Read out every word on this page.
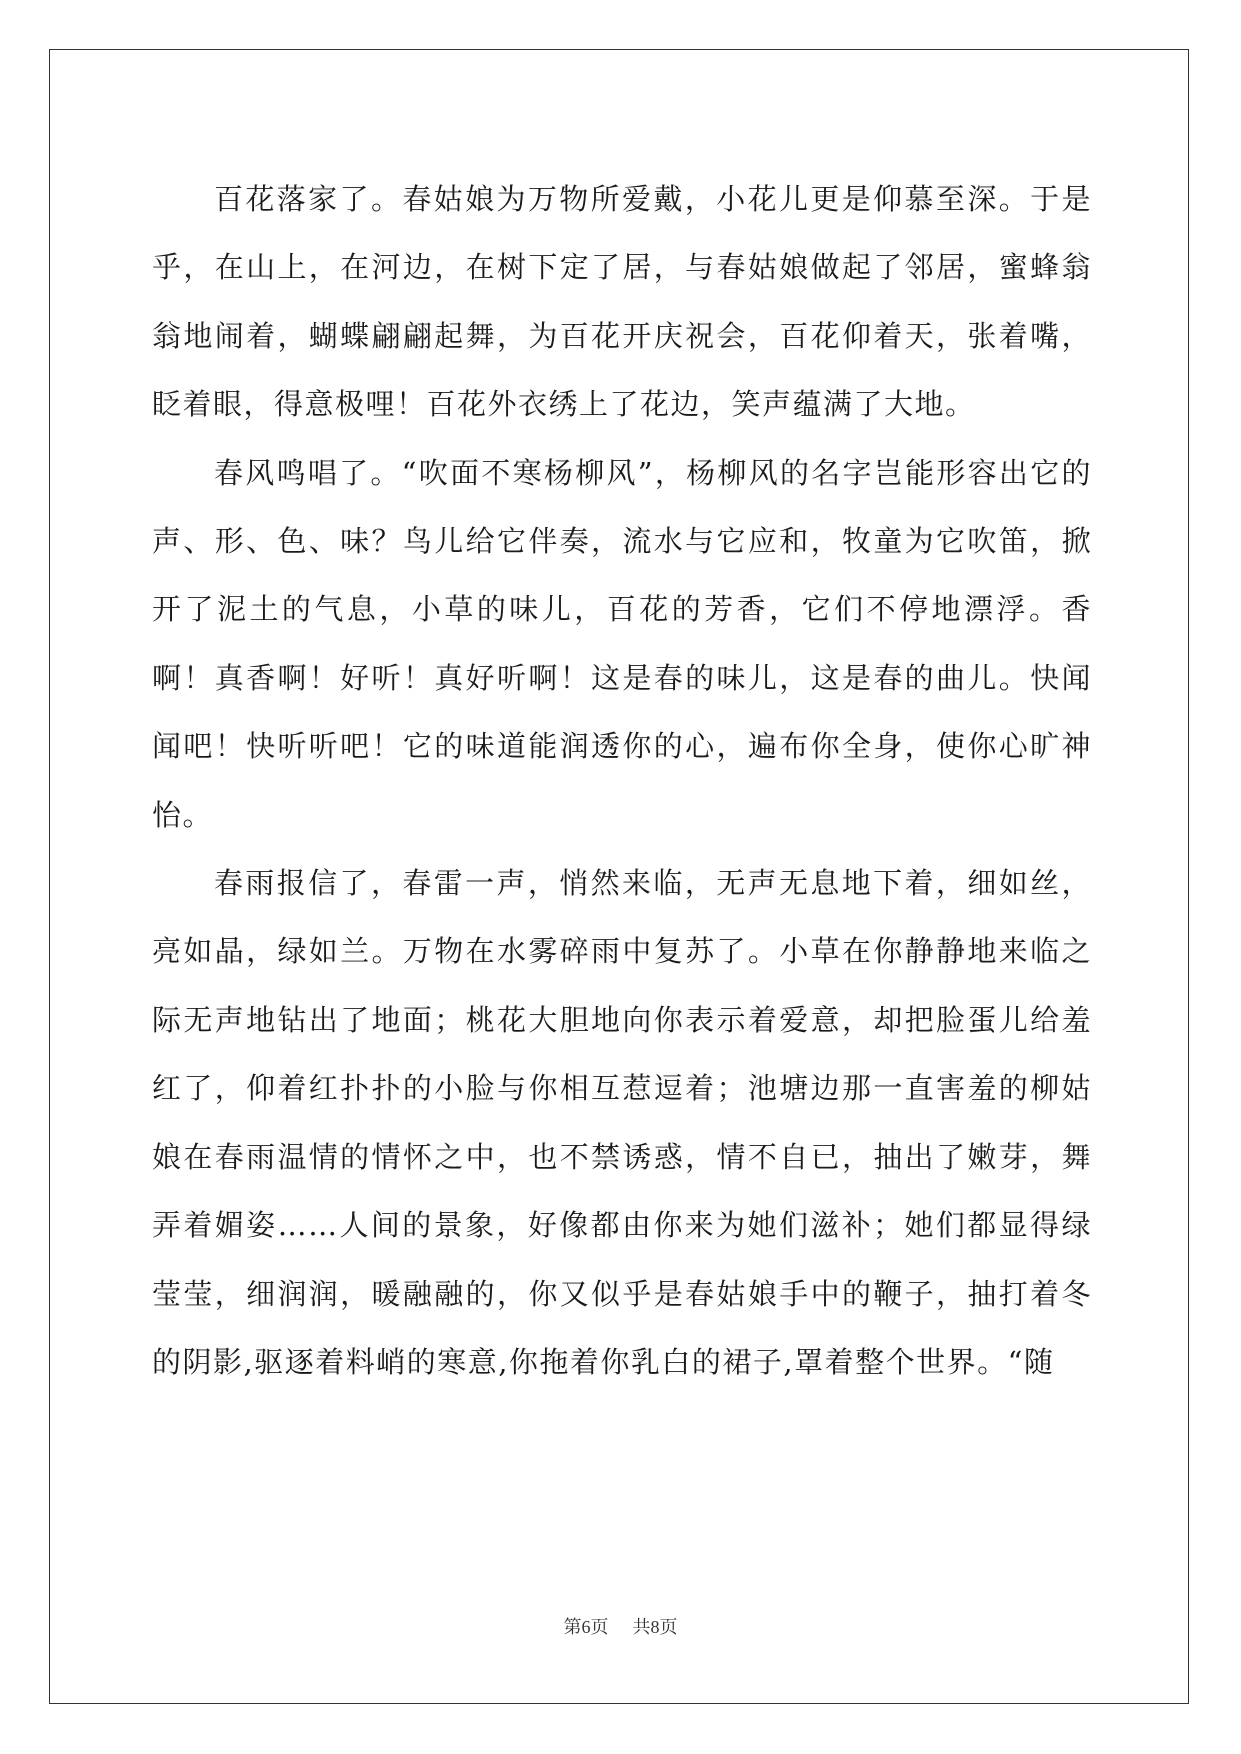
百花落家了。春姑娘为万物所爱戴，小花儿更是仰慕至深。于是乎，在山上，在河边，在树下定了居，与春姑娘做起了邻居，蜜蜂翁翁地闹着，蝴蝶翩翩起舞，为百花开庆祝会，百花仰着天，张着嘴，眨着眼，得意极哩！百花外衣绣上了花边，笑声蕴满了大地。

春风鸣唱了。“吹面不寒杨柳风”，杨柳风的名字岂能形容出它的声、形、色、味？鸟儿给它伴奏，流水与它应和，牧童为它吹笛，掀开了泥土的气息，小草的味儿，百花的芳香，它们不停地漂浮。香啊！真香啊！好听！真好听啊！这是春的味儿，这是春的曲儿。快闻闻吧！快听听吧！它的味道能润透你的心，遍布你全身，使你心旷神怡。

春雨报信了，春雷一声，悄然来临，无声无息地下着，细如丝，亮如晶，绿如兰。万物在水雾碎雨中复苏了。小草在你静静地来临之际无声地钻出了地面；桃花大胆地向你表示着爱意，却把脸蛋儿给羞红了，仰着红扑扑的小脸与你相互惹逗着；池塘边那一直害羞的柳姑娘在春雨温情的情怀之中，也不禁诱惑，情不自已，抽出了嫩芽，舞弄着媚姿……人间的景象，好像都由你来为她们滋补；她们都显得绿莹莹，细润润，暖融融的，你又似乎是春姑娘手中的鞭子，抽打着冬的阴影,驱逐着料峭的寒意,你拖着你乳白的裙子,罩着整个世界。“随

第6页 共8页
